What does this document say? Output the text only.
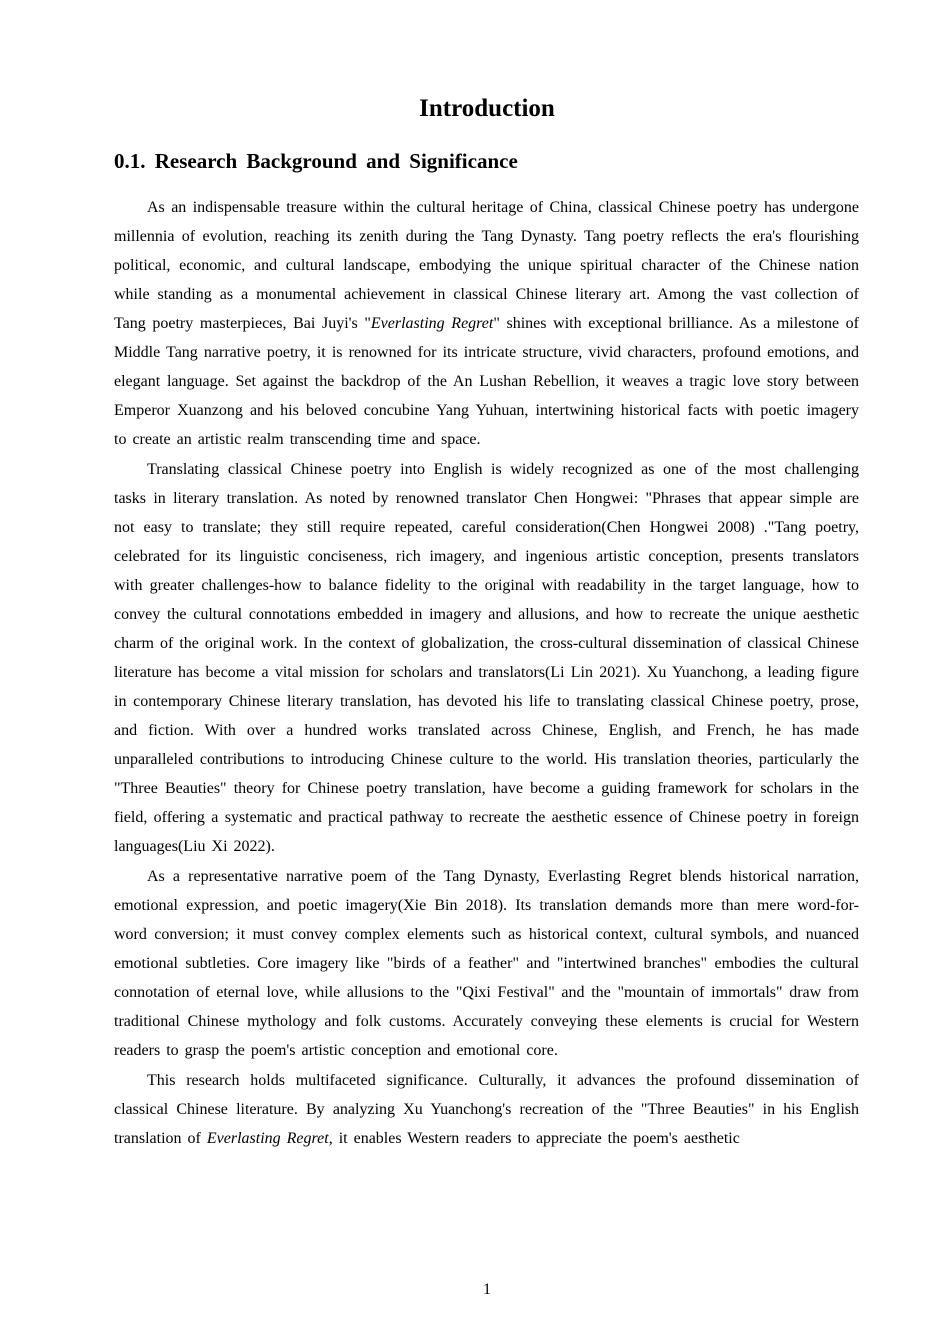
Introduction
0.1. Research Background and Significance

As an indispensable treasure within the cultural heritage of China, classical Chinese poetry has undergone millennia of evolution, reaching its zenith during the Tang Dynasty. Tang poetry reflects the era's flourishing political, economic, and cultural landscape, embodying the unique spiritual character of the Chinese nation while standing as a monumental achievement in classical Chinese literary art. Among the vast collection of Tang poetry masterpieces, Bai Juyi's "Everlasting Regret" shines with exceptional brilliance. As a milestone of Middle Tang narrative poetry, it is renowned for its intricate structure, vivid characters, profound emotions, and elegant language. Set against the backdrop of the An Lushan Rebellion, it weaves a tragic love story between Emperor Xuanzong and his beloved concubine Yang Yuhuan, intertwining historical facts with poetic imagery to create an artistic realm transcending time and space.

Translating classical Chinese poetry into English is widely recognized as one of the most challenging tasks in literary translation. As noted by renowned translator Chen Hongwei: "Phrases that appear simple are not easy to translate; they still require repeated, careful consideration(Chen Hongwei 2008) ."Tang poetry, celebrated for its linguistic conciseness, rich imagery, and ingenious artistic conception, presents translators with greater challenges-how to balance fidelity to the original with readability in the target language, how to convey the cultural connotations embedded in imagery and allusions, and how to recreate the unique aesthetic charm of the original work. In the context of globalization, the cross-cultural dissemination of classical Chinese literature has become a vital mission for scholars and translators(Li Lin 2021). Xu Yuanchong, a leading figure in contemporary Chinese literary translation, has devoted his life to translating classical Chinese poetry, prose, and fiction. With over a hundred works translated across Chinese, English, and French, he has made unparalleled contributions to introducing Chinese culture to the world. His translation theories, particularly the "Three Beauties" theory for Chinese poetry translation, have become a guiding framework for scholars in the field, offering a systematic and practical pathway to recreate the aesthetic essence of Chinese poetry in foreign languages(Liu Xi 2022).

As a representative narrative poem of the Tang Dynasty, Everlasting Regret blends historical narration, emotional expression, and poetic imagery(Xie Bin 2018). Its translation demands more than mere word-for-word conversion; it must convey complex elements such as historical context, cultural symbols, and nuanced emotional subtleties. Core imagery like "birds of a feather" and "intertwined branches" embodies the cultural connotation of eternal love, while allusions to the "Qixi Festival" and the "mountain of immortals" draw from traditional Chinese mythology and folk customs. Accurately conveying these elements is crucial for Western readers to grasp the poem's artistic conception and emotional core.

This research holds multifaceted significance. Culturally, it advances the profound dissemination of classical Chinese literature. By analyzing Xu Yuanchong's recreation of the "Three Beauties" in his English translation of Everlasting Regret, it enables Western readers to appreciate the poem's aesthetic

1
